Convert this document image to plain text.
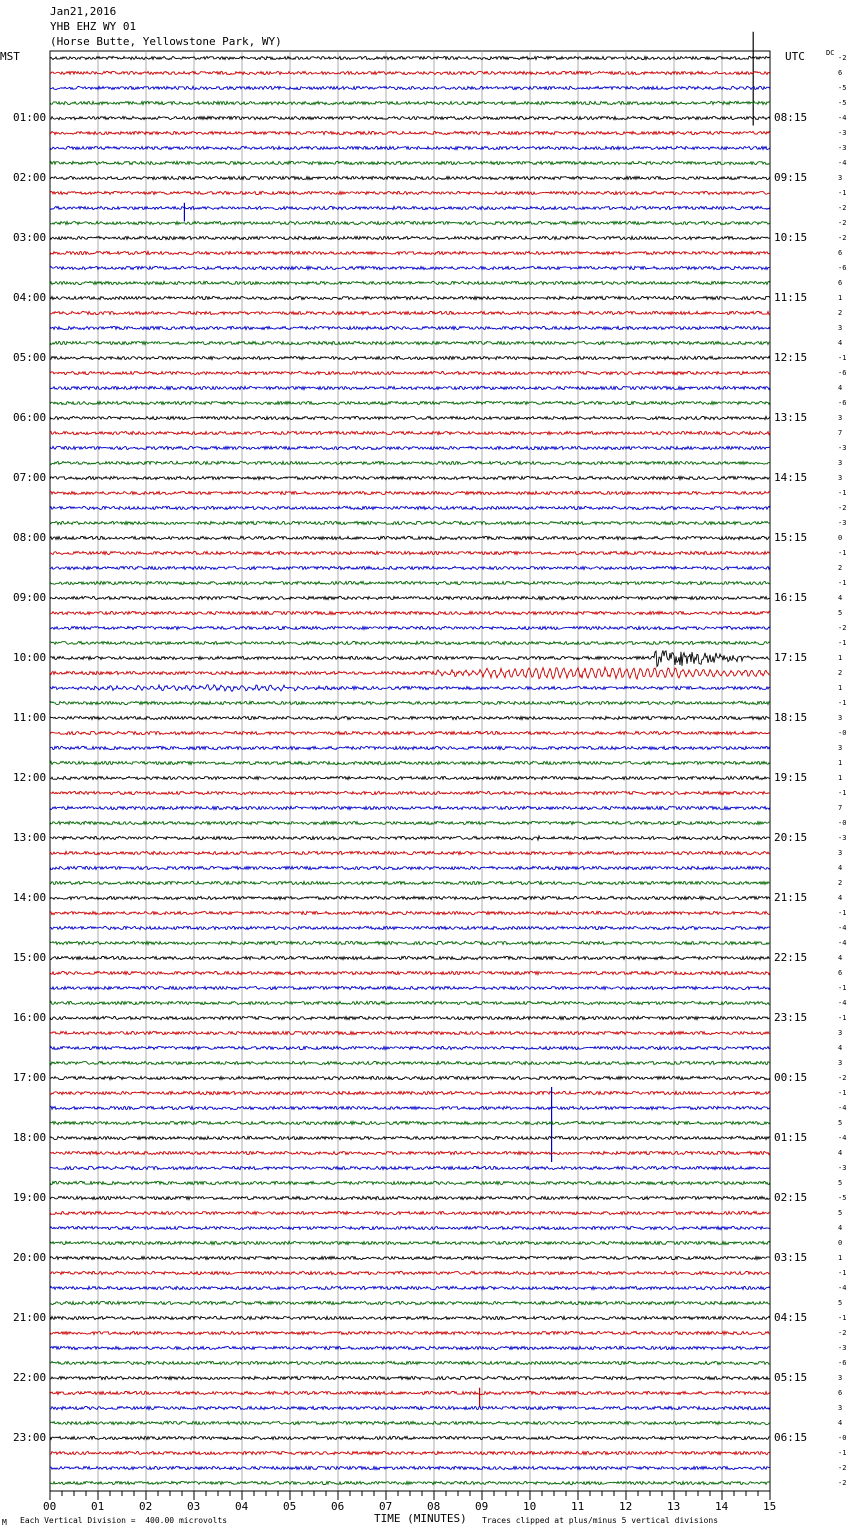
Jan21,2016
YHB EHZ WY 01
(Horse Butte, Yellowstone Park, WY)
MST	UTC	DC
01:00
02:00
03:00
04:00
05:00
06:00
07:00
08:00
09:00
10:00
11:00
12:00
13:00
14:00
15:00
16:00
17:00
18:00
19:00
20:00
21:00
22:00
23:00
08:15
09:15
10:15
11:15
12:15
13:15
14:15
15:15
16:15
17:15
18:15
19:15
20:15
21:15
22:15
23:15
00:15
01:15
02:15
03:15
04:15
05:15
06:15
-2
6
-5
-5
-4
-3
-3
-4
3
-1
-2
-2
-2
6
-6
6
1
2
3
4
-1
-6
4
-6
3
7
-3
3
3
-1
-2
-3
0
-1
2
-1
4
5
-2
-1
1
2
1
-1
3
-0
3
1
1
-1
7
-0
-3
3
4
2
4
-1
-4
-4
4
6
-1
-4
-1
3
4
3
-2
-1
-4
5
-4
4
-3
5
-5
5
4
0
1
-1
-4
5
-1
-2
-3
-6
3
6
3
4
-0
-1
-2
-2
00	01	02	03	04	05	06	07	08	09	10	11	12	13	14	15
TIME (MINUTES)
M Each Vertical Division =  400.00 microvolts	Traces clipped at plus/minus 5 vertical divisions
